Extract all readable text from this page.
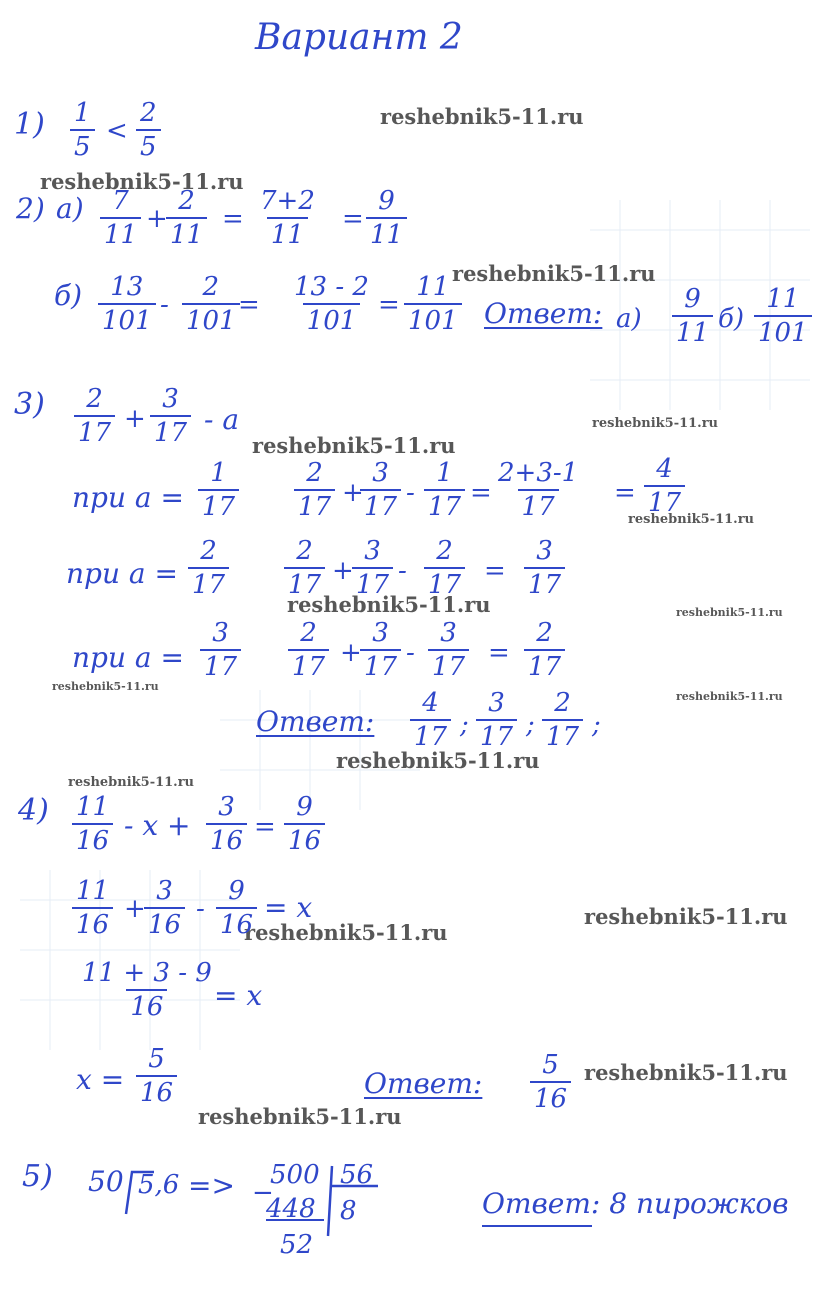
Вариант 2
reshebnik5-11.ru
reshebnik5-11.ru
reshebnik5-11.ru
reshebnik5-11.ru
reshebnik5-11.ru
reshebnik5-11.ru
reshebnik5-11.ru	reshebnik5-11.ru
reshebnik5-11.ru
reshebnik5-11.ru
reshebnik5-11.ru
reshebnik5-11.ru
reshebnik5-11.ru
reshebnik5-11.ru
reshebnik5-11.ru
reshebnik5-11.ru
$1) \frac{1}{5} < \frac{2}{5}$
2) $а) \frac{7}{11}$ +
$\frac{2}{11} = \frac{7+2}{11} = \frac{9}{11}$
$б) \frac{13}{101} - \frac{2}{101}$
= $\frac{13 - 2}{101} = \frac{11}{101}$ Ответ: $а) \frac{9}{11} б) \frac{11}{101}$
$3) \frac{2}{17} + \frac{3}{17} - a$
при $a = \frac{1}{17} \frac{2}{17}$ +
$\frac{3}{17} - \frac{1}{17} = \frac{2+3-1}{17} = \frac{4}{17}$
при $a = \frac{2}{17} \frac{2}{17}$ +
$\frac{3}{17} - \frac{2}{17} = \frac{3}{17}$
при $a = \frac{3}{17} \frac{2}{17}$ +
$\frac{3}{17} - \frac{3}{17} = \frac{2}{17}$
Ответ: $\frac{4}{17}$ ; $\frac{3}{17}$ ; $\frac{2}{17}$ ;
$4) \frac{11}{16} - x + \frac{3}{16} = \frac{9}{16}$
$\frac{11}{16}$ +
$\frac{3}{16} - \frac{9}{16} = x$
$\frac{11 + 3 - 9}{16}$
= x
$x = \frac{5}{16}$	Ответ: $\frac{5}{16}$
5) 50 5,6 => 500
−
448
56
8
52
Ответ: 8 пирожков
